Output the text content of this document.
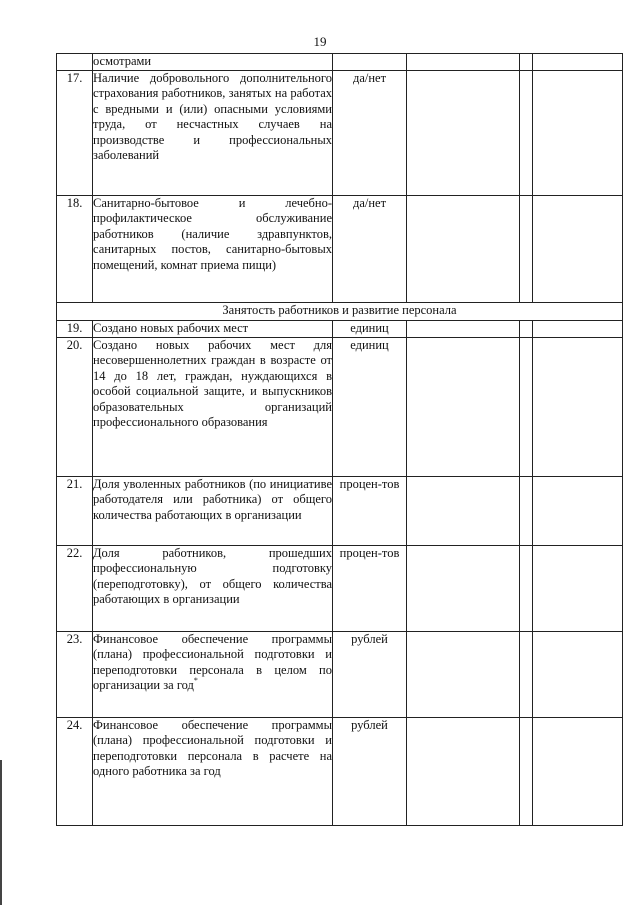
19
	осмотрами				
17.	Наличие добровольного дополнительного страхования работников, занятых на работах с вредными и (или) опасными условиями труда, от несчастных случаев на производстве и профессиональных заболеваний	да/нет			
18.	Санитарно-бытовое и лечебно-профилактическое обслуживание работников (наличие здравпунктов, санитарных постов, санитарно-бытовых помещений, комнат приема пищи)	да/нет			
Занятость работников и развитие персонала					
19.	Создано новых рабочих мест	единиц			
20.	Создано новых рабочих мест для несовершеннолетних граждан в возрасте от 14 до 18 лет, граждан, нуждающихся в особой социальной защите, и выпускников образовательных организаций профессионального образования	единиц			
21.	Доля уволенных работников (по инициативе работодателя или работника) от общего количества работающих в организации	процен-тов			
22.	Доля работников, прошедших профессиональную подготовку (переподготовку), от общего количества работающих в организации	процен-тов			
23.	Финансовое обеспечение программы (плана) профессиональной подготовки и переподготовки персонала в целом по организации за год*	рублей			
24.	Финансовое обеспечение программы (плана) профессиональной подготовки и переподготовки персонала в расчете на одного работника за год	рублей			
